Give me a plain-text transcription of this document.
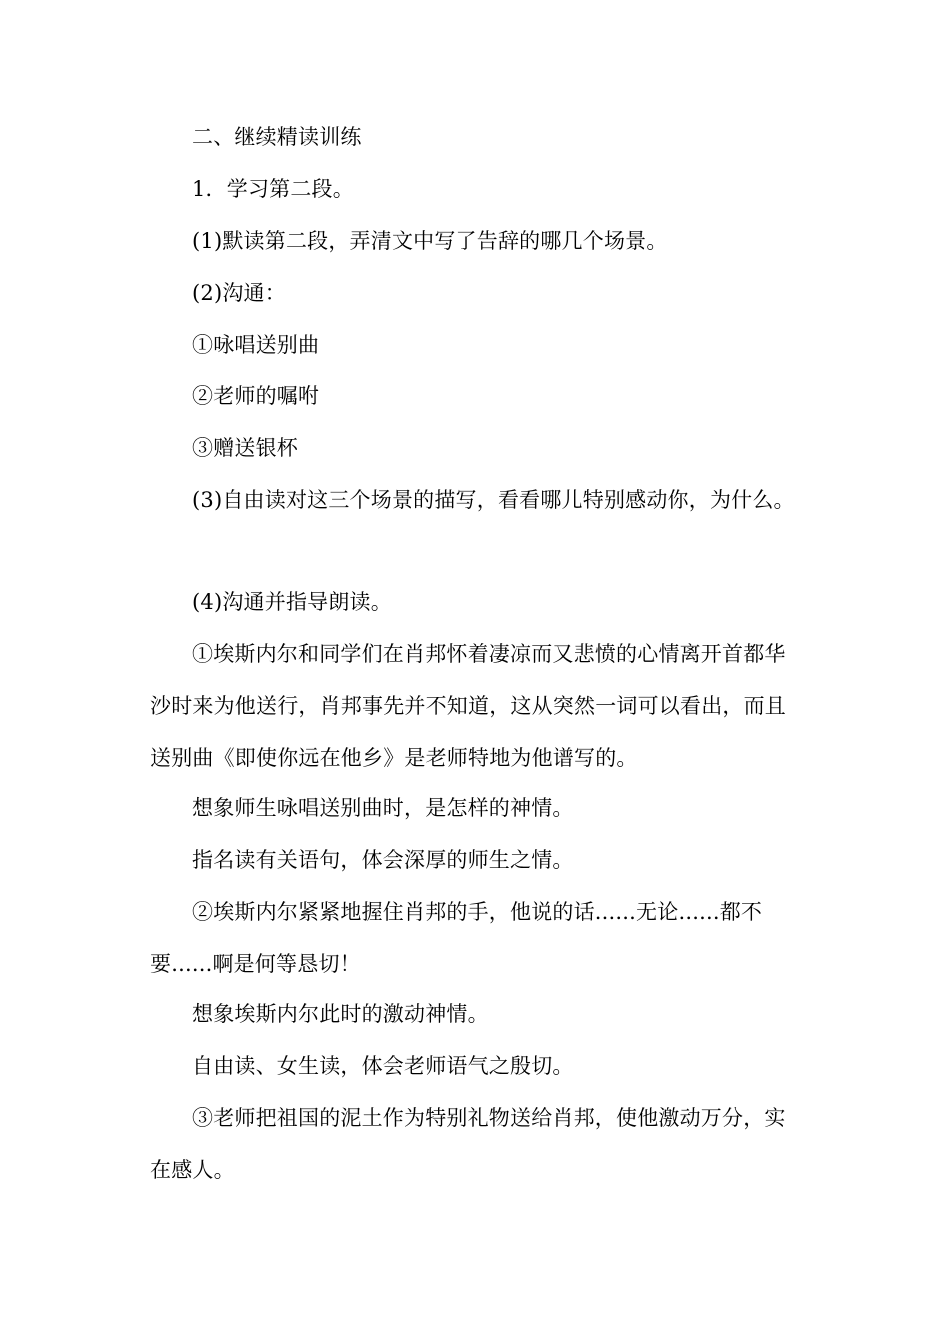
二、继续精读训练

1．学习第二段。

(1)默读第二段，弄清文中写了告辞的哪几个场景。

(2)沟通：

①咏唱送别曲

②老师的嘱咐

③赠送银杯

(3)自由读对这三个场景的描写，看看哪儿特别感动你，为什么。

(4)沟通并指导朗读。

①埃斯内尔和同学们在肖邦怀着凄凉而又悲愤的心情离开首都华沙时来为他送行，肖邦事先并不知道，这从突然一词可以看出，而且送别曲《即使你远在他乡》是老师特地为他谱写的。

想象师生咏唱送别曲时，是怎样的神情。

指名读有关语句，体会深厚的师生之情。

②埃斯内尔紧紧地握住肖邦的手，他说的话......无论......都不要......啊是何等恳切！

想象埃斯内尔此时的激动神情。

自由读、女生读，体会老师语气之殷切。

③老师把祖国的泥土作为特别礼物送给肖邦，使他激动万分，实在感人。
